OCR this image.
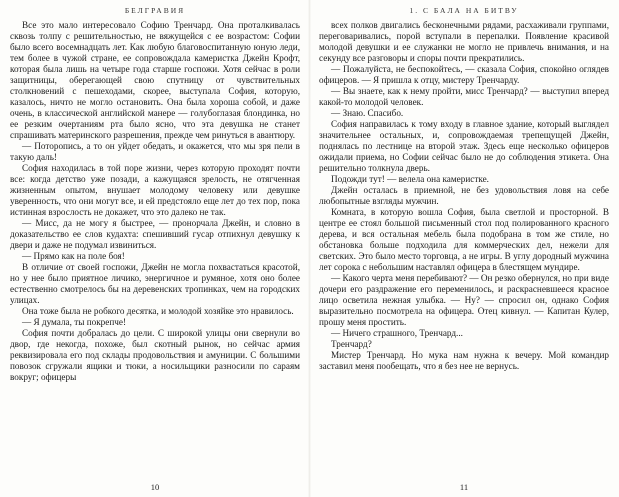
БЕЛГРАВИЯ

Все это мало интересовало Софию Тренчард. Она проталкивалась сквозь толпу с решительностью, не вяжущейся с ее возрастом: Софии было всего восемнадцать лет. Как любую благовоспитанную юную леди, тем более в чужой стране, ее сопровождала камеристка Джейн Крофт, которая была лишь на четыре года старше госпожи. Хотя сейчас в роли защитницы, оберегающей свою спутницу от чувствительных столкновений с пешеходами, скорее, выступала София, которую, казалось, ничто не могло остановить. Она была хороша собой, и даже очень, в классической английской манере — голубоглазая блондинка, но ее резким очертаниям рта было ясно, что эта девушка не станет спрашивать материнского разрешения, прежде чем ринуться в авантюру.

— Поторопись, а то он уйдет обедать, и окажется, что мы зря пели в такую даль!

София находилась в той поре жизни, через которую проходят почти все: когда детство уже позади, а кажущаяся зрелость, не отягченная жизненным опытом, внушает молодому человеку или девушке уверенность, что они могут все, и ей предстояло еще лет до тех пор, пока истинная взрослость не докажет, что это далеко не так.

— Мисс, да не могу я быстрее, — пронорчала Джейн, и словно в доказательство ее слов кудахта: спешивший гусар отпихнул девушку к двери и даже не подумал извиниться.

— Прямо как на поле боя!

В отличие от своей госпожи, Джейн не могла похвастаться красотой, но у нее было приятное личико, энергичное и румяное, хотя оно более естественно смотрелось бы на деревенских тропинках, чем на городских улицах.

Она тоже была не робкого десятка, и молодой хозяйке это нравилось.

— Я думала, ты покрепче!

София почти добралась до цели. С широкой улицы они свернули во двор, где некогда, похоже, был скотный рынок, но сейчас армия реквизировала его под склады продовольствия и амуниции. С большими повозок сгружали ящики и тюки, а носильщики разносили по сараям вокруг; офицеры

10
1. С БАЛА НА БИТВУ

всех полков двигались бесконечными рядами, расхаживали группами, переговаривались, порой вступали в перепалки. Появление красивой молодой девушки и ее служанки не могло не привлечь внимания, и на секунду все разговоры и споры почти прекратились.

— Пожалуйста, не беспокойтесь, — сказала София, спокойно оглядев офицеров. — Я пришла к отцу, мистеру Тренчарду.

— Вы знаете, как к нему пройти, мисс Тренчард? — выступил вперед какой-то молодой человек.

— Знаю. Спасибо.

София направилась к тому входу в главное здание, который выглядел значительнее остальных, и, сопровождаемая трепещущей Джейн, поднялась по лестнице на второй этаж. Здесь еще несколько офицеров ожидали приема, но Софии сейчас было не до соблюдения этикета. Она решительно толкнула дверь.

Подожди тут! — велела она камеристке.

Джейн осталась в приемной, не без удовольствия ловя на себе любопытные взгляды мужчин.

Комната, в которую вошла София, была светлой и просторной. В центре ее стоял большой письменный стол под полированного красного дерева, и вся остальная мебель была подобрана в том же стиле, но обстановка больше подходила для коммерческих дел, нежели для светских. Это было место торговца, а не игры. В углу дородный мужчина лет сорока с небольшим наставлял офицера в блестящем мундире.

— Какого черта меня перебивают? — Он резко обернулся, но при виде дочери его раздражение его переменилось, и раскрасневшееся красное лицо осветила нежная улыбка. — Ну? — спросил он, однако София выразительно посмотрела на офицера. Отец кивнул. — Капитан Кулер, прошу меня простить.

— Ничего страшного, Тренчард...

Тренчард?

Мистер Тренчард. Но мука нам нужна к вечеру. Мой командир заставил меня пообещать, что я без нее не вернусь.

11
